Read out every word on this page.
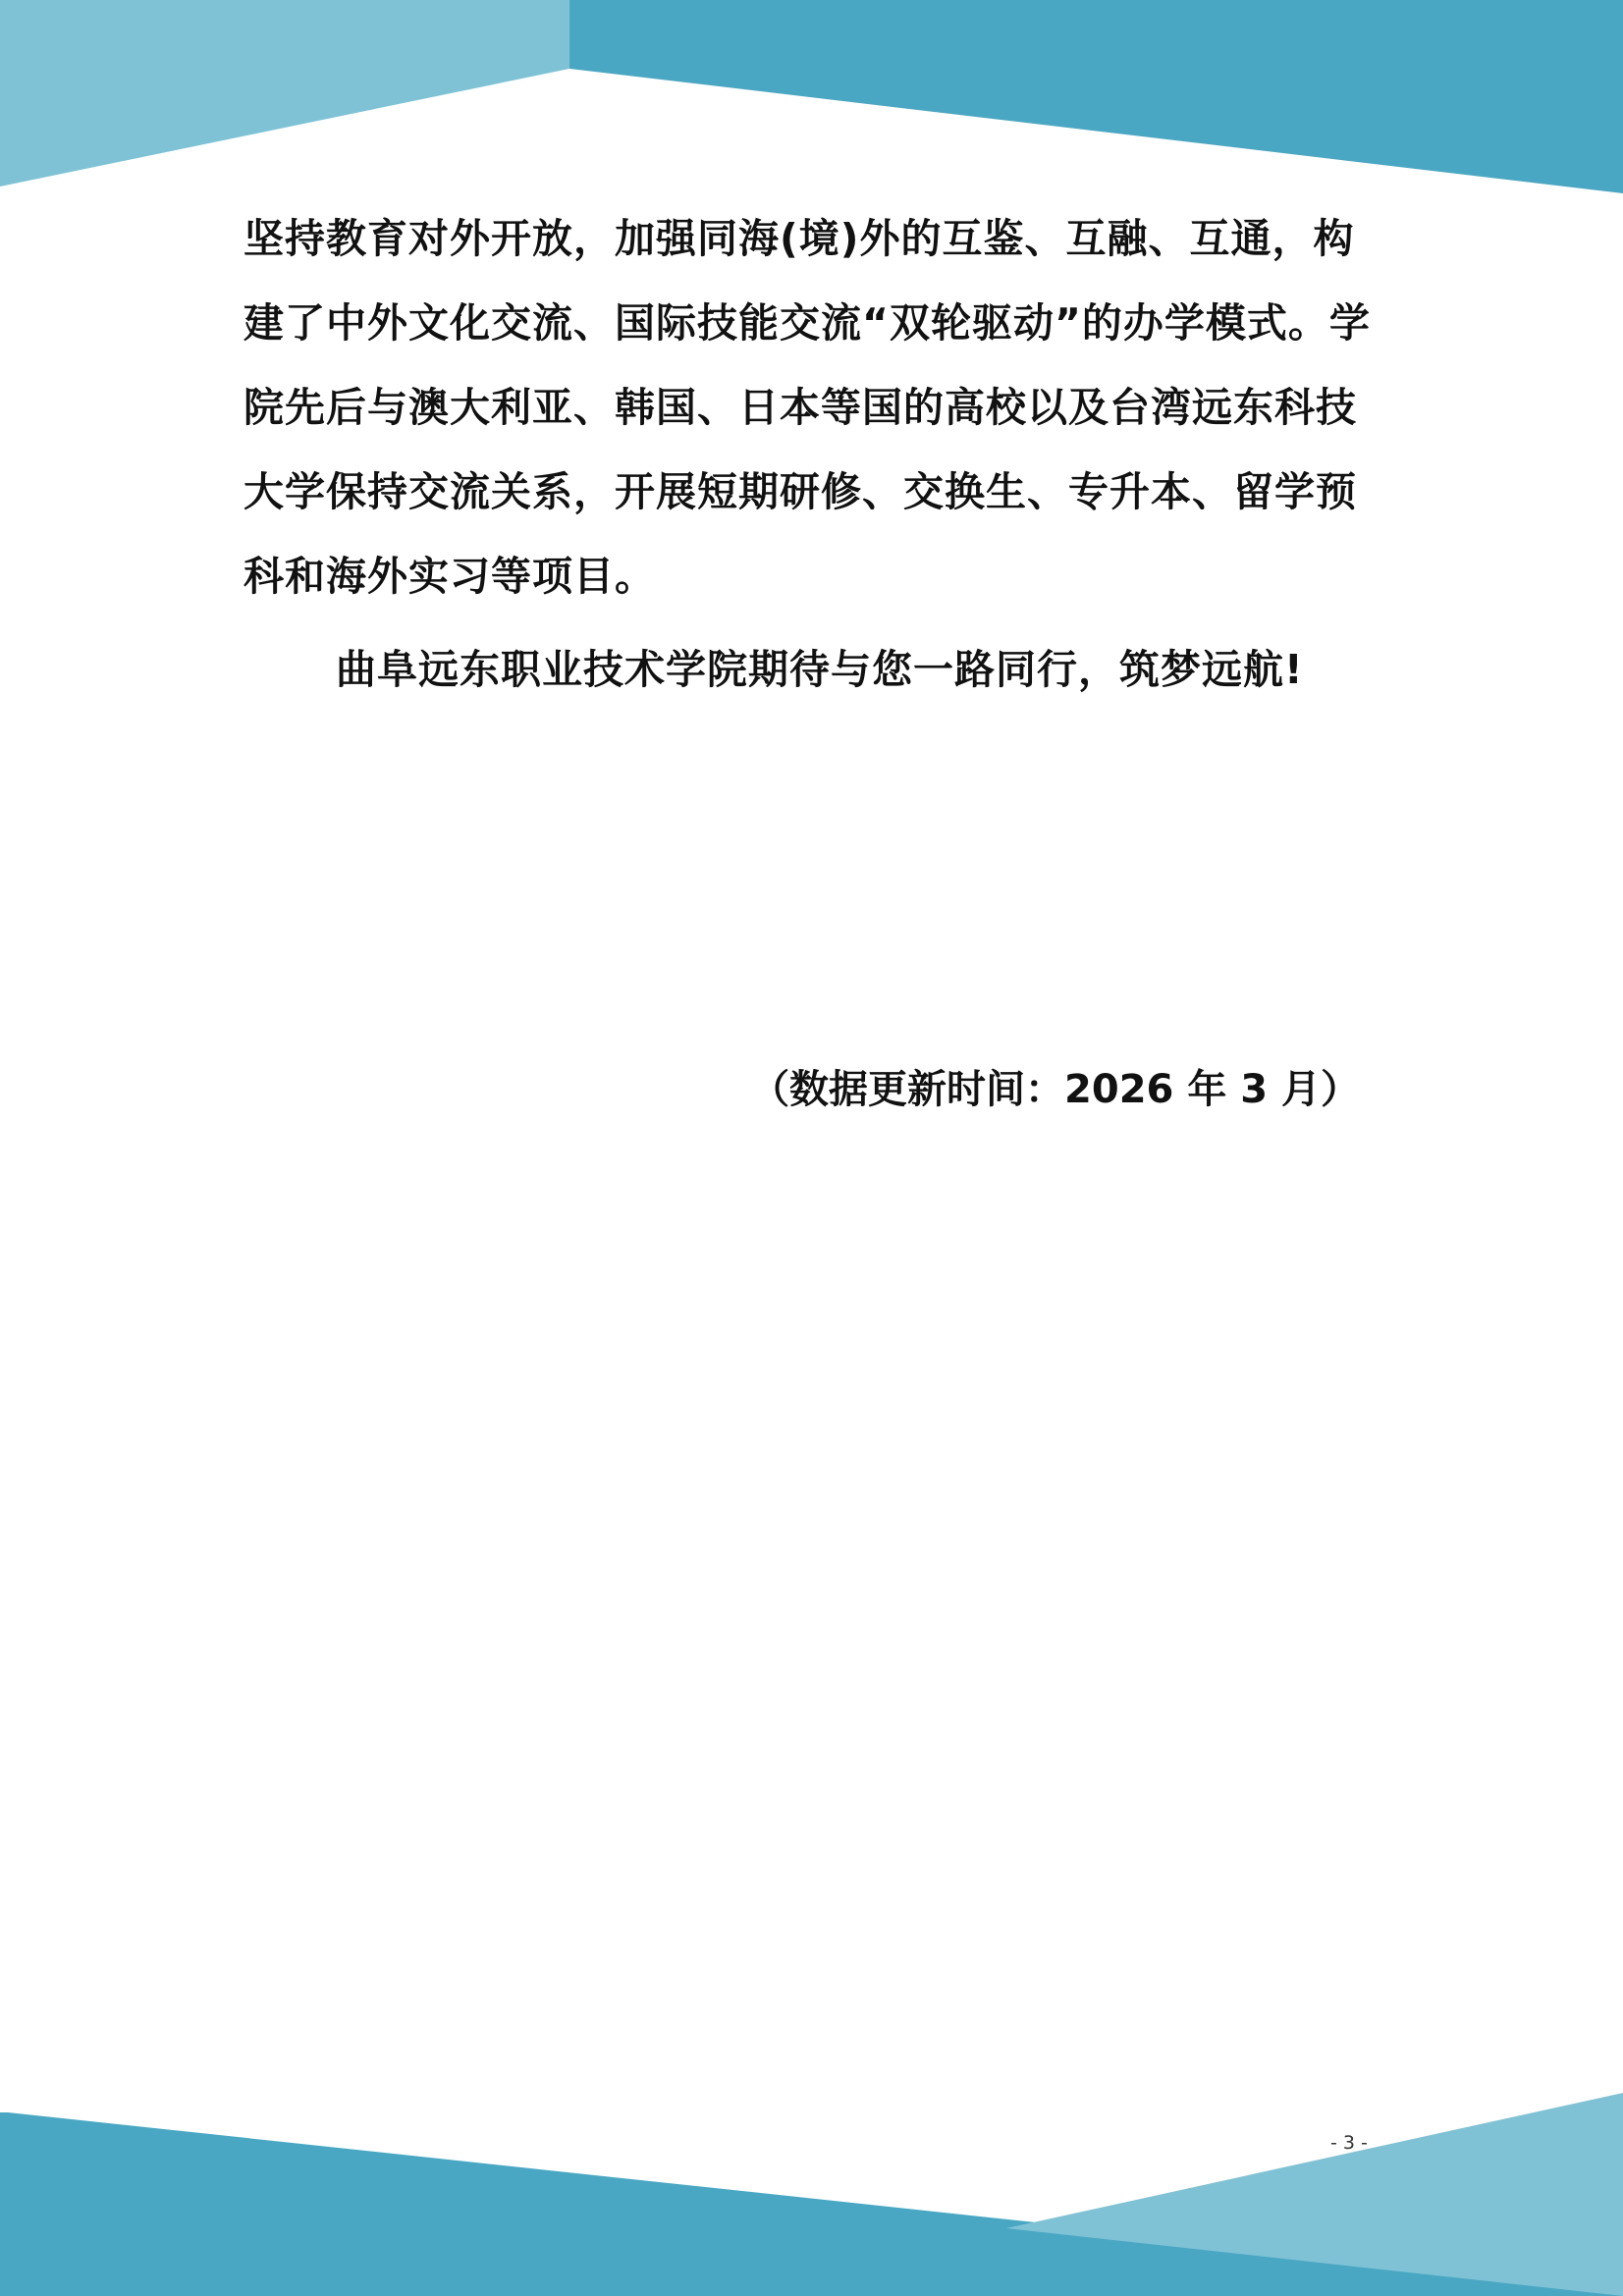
坚持教育对外开放，加强同海(境)外的互鉴、互融、互通，构建了中外文化交流、国际技能交流“双轮驱动”的办学模式。学院先后与澳大利亚、韩国、日本等国的高校以及台湾远东科技大学保持交流关系，开展短期研修、交换生、专升本、留学预科和海外实习等项目。

曲阜远东职业技术学院期待与您一路同行，筑梦远航!

（数据更新时间：2026 年 3 月）

- 3 -
